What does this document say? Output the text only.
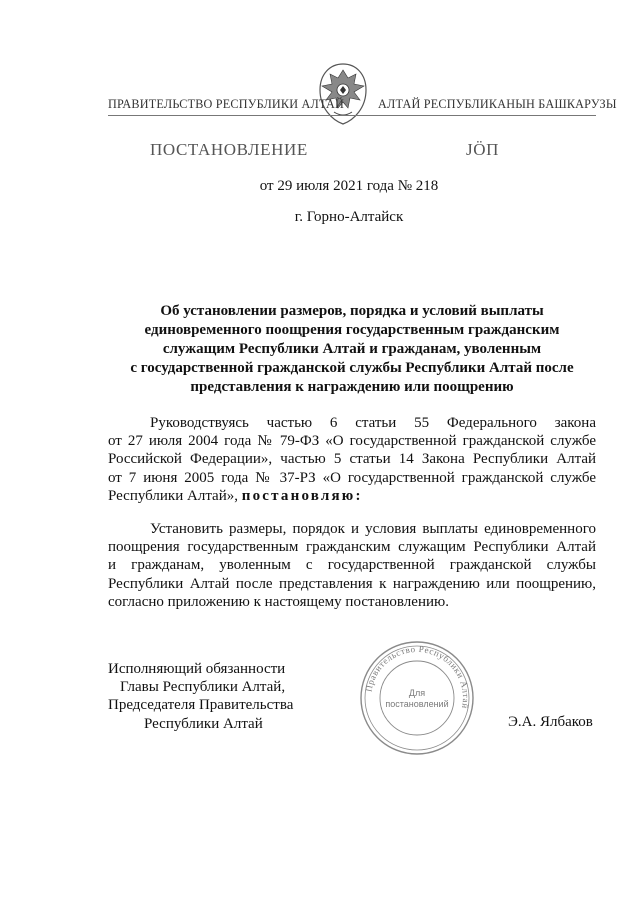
ПРАВИТЕЛЬСТВО РЕСПУБЛИКИ АЛТАЙ	АЛТАЙ РЕСПУБЛИКАНЫН БАШКАРУЗЫ
ПОСТАНОВЛЕНИЕ	ЈÖП
от 29 июля 2021 года № 218
г. Горно-Алтайск
Об установлении размеров, порядка и условий выплаты
единовременного поощрения государственным гражданским
служащим Республики Алтай и гражданам, уволенным
с государственной гражданской службы Республики Алтай после
представления к награждению или поощрению
Руководствуясь частью 6 статьи 55 Федерального закона
от 27 июля 2004 года № 79-ФЗ «О государственной гражданской службе
Российской Федерации», частью 5 статьи 14 Закона Республики Алтай
от 7 июня 2005 года № 37-РЗ «О государственной гражданской службе
Республики Алтай», постановляю:
Установить размеры, порядок и условия выплаты единовременного
поощрения государственным гражданским служащим Республики Алтай
и гражданам, уволенным с государственной гражданской службы
Республики Алтай после представления к награждению или поощрению,
согласно приложению к настоящему постановлению.
Исполняющий обязанности
Главы Республики Алтай,
Председателя Правительства
Республики Алтай
Правительство Республики Алтай
Для
постановлений
Э.А. Ялбаков
